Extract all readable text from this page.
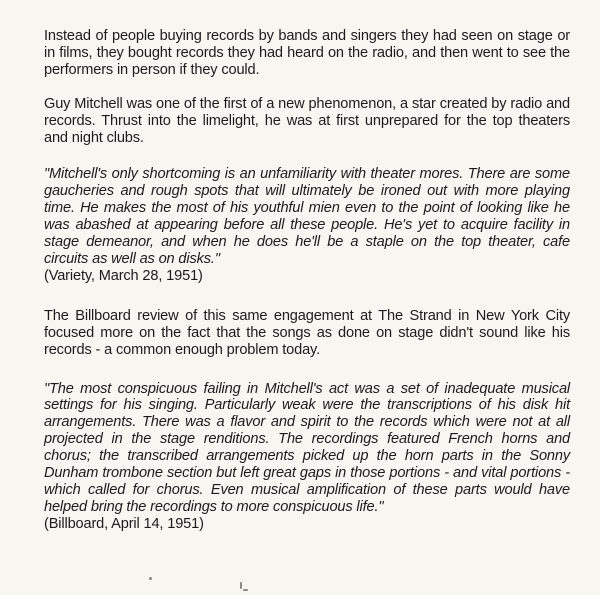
Instead of people buying records by bands and singers they had seen on stage or in films, they bought records they had heard on the radio, and then went to see the performers in person if they could.

Guy Mitchell was one of the first of a new phenomenon, a star created by radio and records. Thrust into the limelight, he was at first unprepared for the top theaters and night clubs.

"Mitchell's only shortcoming is an unfamiliarity with theater mores. There are some gaucheries and rough spots that will ultimately be ironed out with more playing time. He makes the most of his youthful mien even to the point of looking like he was abashed at appearing before all these people. He's yet to acquire facility in stage demeanor, and when he does he'll be a staple on the top theater, cafe circuits as well as on disks."

(Variety, March 28, 1951)

The Billboard review of this same engagement at The Strand in New York City focused more on the fact that the songs as done on stage didn't sound like his records - a common enough problem today.

"The most conspicuous failing in Mitchell's act was a set of inadequate musical settings for his singing. Particularly weak were the transcriptions of his disk hit arrangements. There was a flavor and spirit to the records which were not at all projected in the stage renditions. The recordings featured French horns and chorus; the transcribed arrangements picked up the horn parts in the Sonny Dunham trombone section but left great gaps in those portions - and vital portions - which called for chorus. Even musical amplification of these parts would have helped bring the recordings to more conspicuous life."

(Billboard, April 14, 1951)
